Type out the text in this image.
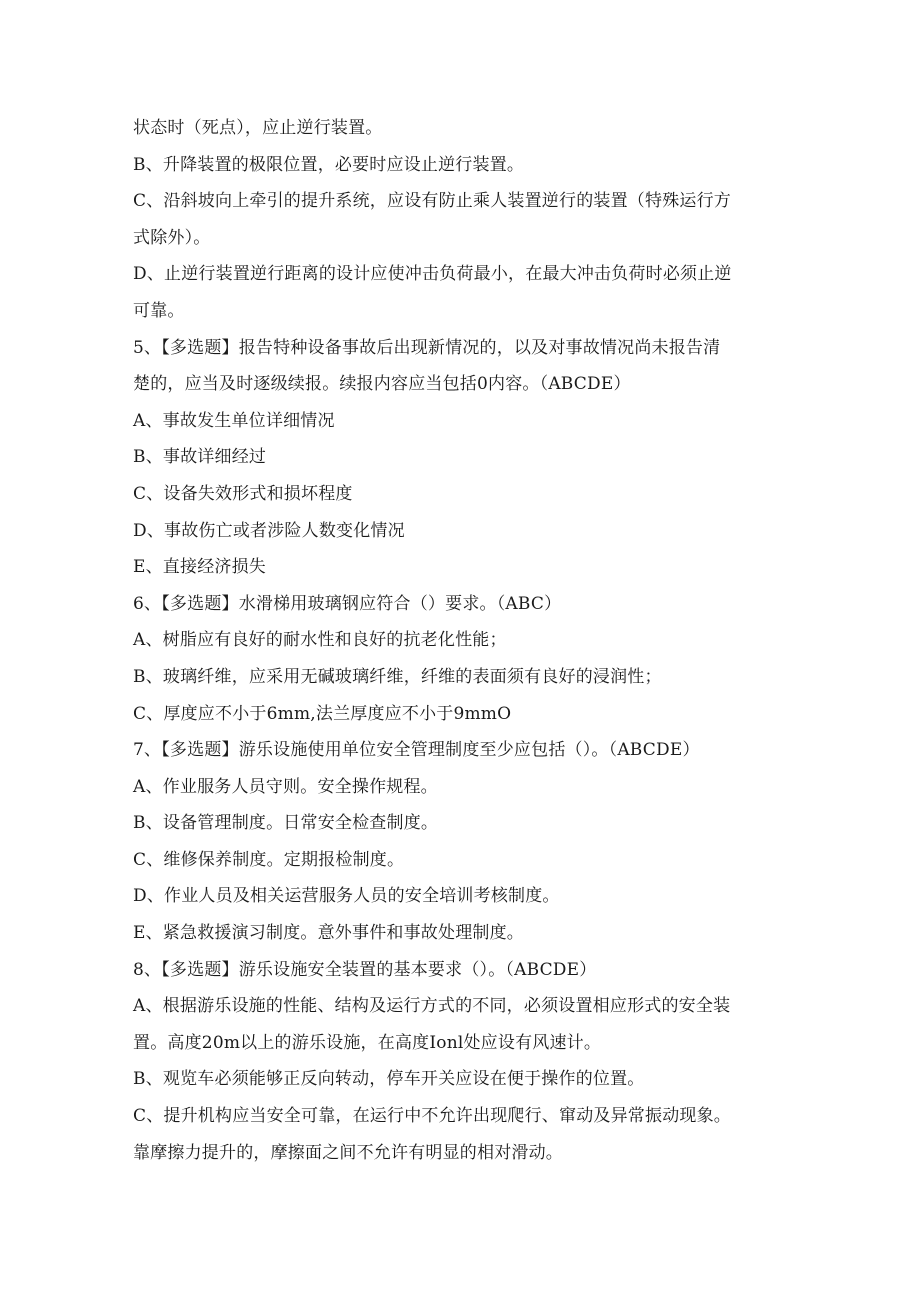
状态时（死点），应止逆行装置。
B、升降装置的极限位置，必要时应设止逆行装置。
C、沿斜坡向上牵引的提升系统，应设有防止乘人装置逆行的装置（特殊运行方
式除外）。
D、止逆行装置逆行距离的设计应使冲击负荷最小，在最大冲击负荷时必须止逆
可靠。
5、【多选题】报告特种设备事故后出现新情况的，以及对事故情况尚未报告清
楚的，应当及时逐级续报。续报内容应当包括0内容。（ABCDE）
A、事故发生单位详细情况
B、事故详细经过
C、设备失效形式和损坏程度
D、事故伤亡或者涉险人数变化情况
E、直接经济损失
6、【多选题】水滑梯用玻璃钢应符合（）要求。（ABC）
A、树脂应有良好的耐水性和良好的抗老化性能；
B、玻璃纤维，应采用无碱玻璃纤维，纤维的表面须有良好的浸润性；
C、厚度应不小于6mm,法兰厚度应不小于9mmO
7、【多选题】游乐设施使用单位安全管理制度至少应包括（）。（ABCDE）
A、作业服务人员守则。安全操作规程。
B、设备管理制度。日常安全检查制度。
C、维修保养制度。定期报检制度。
D、作业人员及相关运营服务人员的安全培训考核制度。
E、紧急救援演习制度。意外事件和事故处理制度。
8、【多选题】游乐设施安全装置的基本要求（）。（ABCDE）
A、根据游乐设施的性能、结构及运行方式的不同，必须设置相应形式的安全装
置。高度20m以上的游乐设施，在高度Ionl处应设有风速计。
B、观览车必须能够正反向转动，停车开关应设在便于操作的位置。
C、提升机构应当安全可靠，在运行中不允许出现爬行、窜动及异常振动现象。
靠摩擦力提升的，摩擦面之间不允许有明显的相对滑动。
